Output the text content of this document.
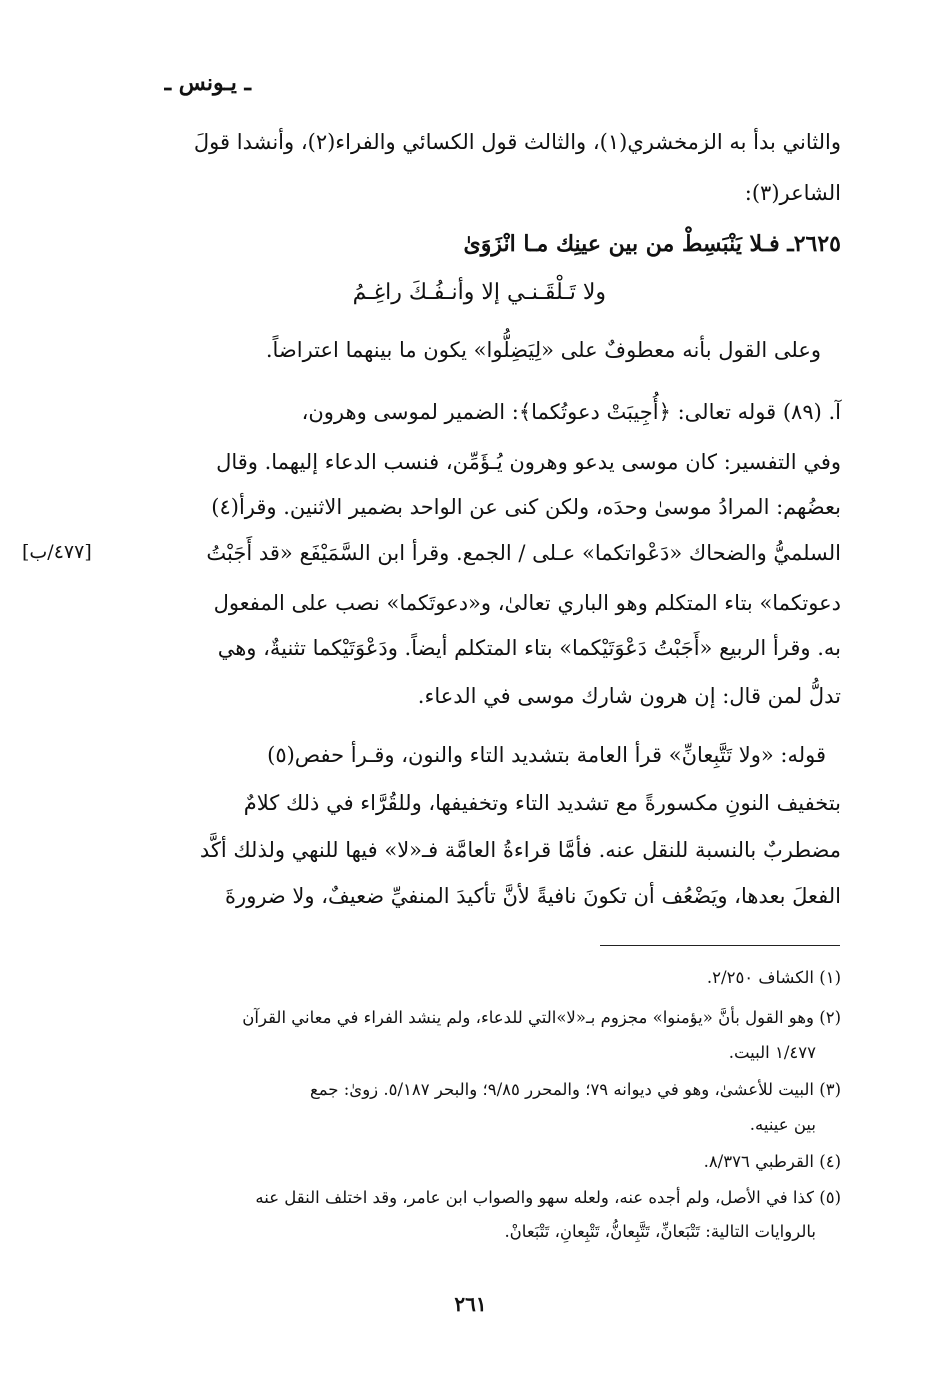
ـ يـونس ـ
والثاني بدأ به الزمخشري(١)، والثالث قول الكسائي والفراء(٢)، وأنشدا قولَ
الشاعر(٣):
٢٦٢٥ـ فـلا يَنْبَسِطْ من بين عينِك مـا انْزَوَىٰ
ولا تَـلْقَـنـي إلا وأنـفُـكَ راغِـمُ
وعلى القول بأنه معطوفٌ على «لِيَضِلُّوا» يكون ما بينهما اعتراضاً.
آ. (٨٩) قوله تعالى: ﴿أُجِيبَتْ دعوتُكما﴾: الضمير لموسى وهرون،
وفي التفسير: كان موسى يدعو وهرون يُـؤَمِّن، فنسب الدعاء إليهما. وقال
بعضُهم: المرادُ موسىٰ وحدَه، ولكن كنى عن الواحد بضمير الاثنين. وقرأ(٤)
السلميُّ والضحاك «دَعْواتكما» عـلى / الجمع. وقرأ ابن السَّمَيْفَع «قد أَجَبْتُ
دعوتكما» بتاء المتكلم وهو الباري تعالىٰ، و«دعوتَكما» نصب على المفعول
به. وقرأ الربيع «أَجَبْتُ دَعْوَتَيْكما» بتاء المتكلم أيضاً. ودَعْوَتَيْكما تثنيةٌ، وهي
تدلُّ لمن قال: إن هرون شارك موسى في الدعاء.
قوله: «ولا تَتَّبِعانِّ» قرأ العامة بتشديد التاء والنون، وقـرأ حفص(٥)
بتخفيف النونِ مكسورةً مع تشديد التاء وتخفيفها، وللقُرَّاء في ذلك كلامٌ
مضطربٌ بالنسبة للنقل عنه. فأمَّا قراءةُ العامَّة فـ«لا» فيها للنهي ولذلك أكَّد
الفعلَ بعدها، ويَضْعُف أن تكونَ نافيةً لأنَّ تأكيدَ المنفيِّ ضعيفٌ، ولا ضرورةَ
[٤٧٧/ب]
(١) الكشاف ٢/٢٥٠.
(٢) وهو القول بأنَّ «يؤمنوا» مجزوم بـ«لا»التي للدعاء، ولم ينشد الفراء في معاني القرآن
١/٤٧٧ البيت.
(٣) البيت للأعشىٰ، وهو في ديوانه ٧٩؛ والمحرر ٩/٨٥؛ والبحر ٥/١٨٧. زوىٰ: جمع
بين عينيه.
(٤) القرطبي ٨/٣٧٦.
(٥) كذا في الأصل، ولم أجده عنه، ولعله سهو والصواب ابن عامر، وقد اختلف النقل عنه
بالروايات التالية: تَتْبَعانِّ، تَتَّبِعانُّ، تَتْبِعانِ، تَتْبَعانْ.
٢٦١
